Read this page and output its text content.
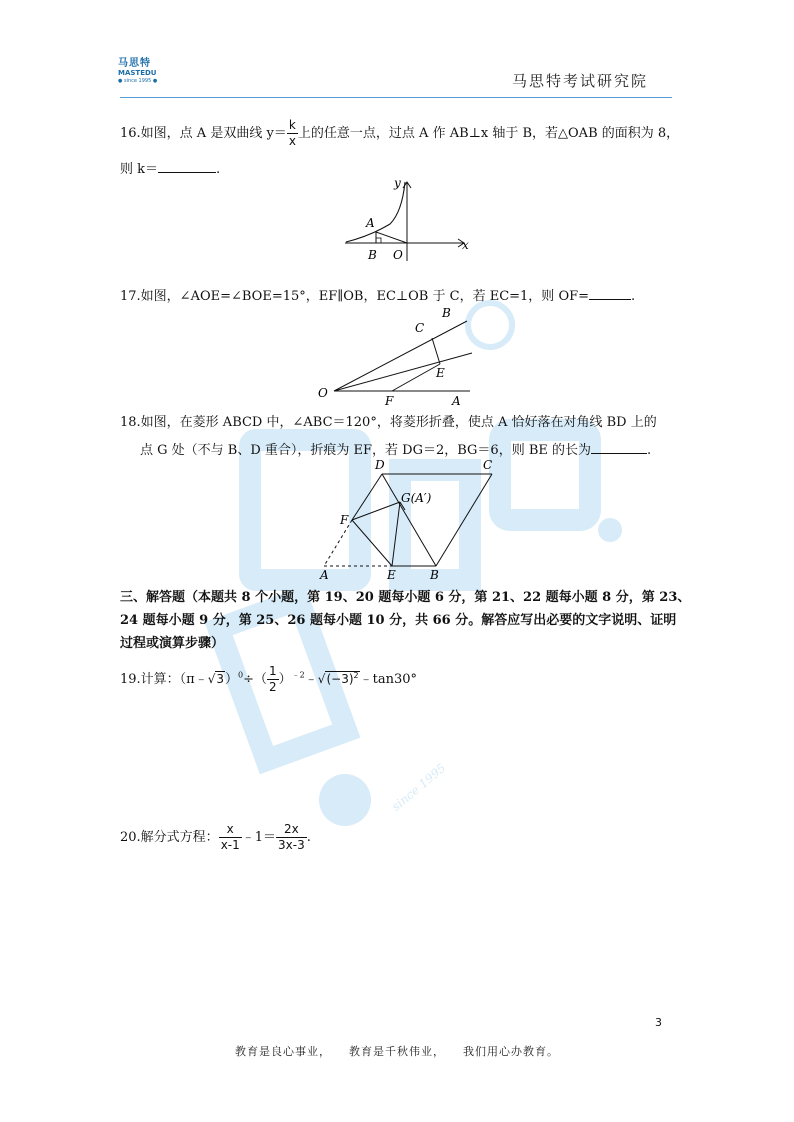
since 1995
马思特
MASTEDU
● since 1995 ●	马思特考试研究院
16.如图，点 A 是双曲线 $y= \frac{k}{x}$ 上的任意一点，过点 A 作 AB⊥x 轴于 B，若△OAB 的面积为 8，
则 k＝	.
y
x
A
B O
17.如图，∠AOE=∠BOE=15°，EF∥OB，EC⊥OB 于 C，若 EC=1，则 OF=	.
B
C
E
O
F	A
18.如图，在菱形 ABCD 中，∠ABC＝120°，将菱形折叠，使点 A 恰好落在对角线 BD 上的
点 G 处（不与 B、D 重合），折痕为 EF，若 DG＝2，BG＝6，则 BE 的长为	.
D	C
G(A′)
F
A	E	B
三、解答题（本题共 8 个小题，第 19、20 题每小题 6 分，第 21、22 题每小题 8 分，第 23、
24 题每小题 9 分，第 25、26 题每小题 10 分，共 66 分。解答应写出必要的文字说明、证明
过程或演算步骤）
19.计算：（π﹣√3）$^0$÷（ $\frac{1}{2}$ ）$^{﹣2}﹣√(-3)^2﹣\tan 30^\circ$
20.解分式方程： $\frac{x}{x-1}$ ﹣1＝ $\frac{2x}{3x-3}$ .
3
教育是良心事业，    教育是千秋伟业，    我们用心办教育。
